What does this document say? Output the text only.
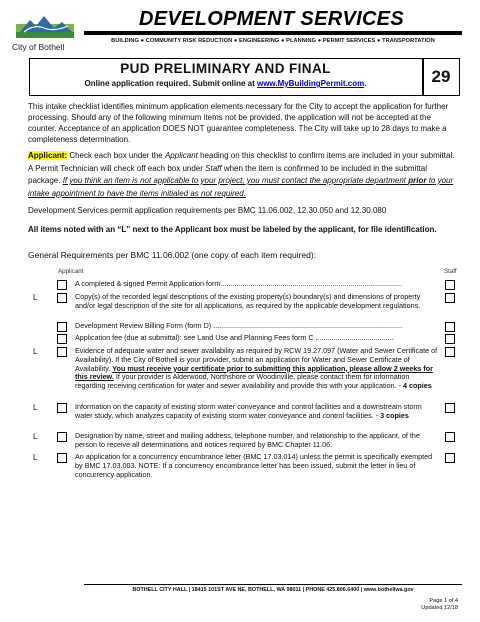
City of Bothell
DEVELOPMENT SERVICES
BUILDING ● COMMUNITY RISK REDUCTION ● ENGINEERING ● PLANNING ● PERMIT SERVICES ● TRANSPORTATION
29
PUD PRELIMINARY AND FINAL
Online application required. Submit online at www.MyBuildingPermit.com.
This intake checklist identifies minimum application elements necessary for the City to accept the application for further processing. Should any of the following minimum items not be provided, the application will not be accepted at the counter. Acceptance of an application DOES NOT guarantee completeness. The City will take up to 28 days to make a completeness determination.
Applicant: Check each box under the Applicant heading on this checklist to confirm items are included in your submittal. A Permit Technician will check off each box under Staff when the item is confirmed to be included in the submittal package. If you think an item is not applicable to your project, you must contact the appropriate department prior to your intake appointment to have the items initialed as not required.
Development Services permit application requirements per BMC 11.06.002, 12.30.050 and 12.30.080
All items noted with an “L” next to the Applicant box must be labeled by the applicant, for file identification.
General Requirements per BMC 11.06.002 (one copy of each item required):
Applicant	Staff
A completed & signed Permit Application form...........................................................................................
L	Copy(s) of the recorded legal descriptions of the existing property(s) boundary(s) and dimensions of property and/or legal description of the site for all applications, as required by the applicable development regulations.
Development Review Billing Form (form D) ...............................................................................................
Application fee (due at submittal): see Land Use and Planning Fees form C .......................................
L	Evidence of adequate water and sewer availability as required by RCW 19.27.097 (Water and Sewer Certificate of Availability). If the City of Bothell is your provider, submit an application for Water and Sewer Certificate of Availability. You must receive your certificate prior to submitting this application, please allow 2 weeks for this review. If your provider is Alderwood, Northshore or Woodinville, please contact them for information regarding receiving certification for water and sewer availability and provide this with your application. - 4 copies
L	Information on the capacity of existing storm water conveyance and control facilities and a downstream storm water study, which analyzes capacity of existing storm water conveyance and control facilities. - 3 copies
L	Designation by name, street and mailing address, telephone number, and relationship to the applicant, of the person to receive all determinations and notices required by BMC Chapter 11.06.
L	An application for a concurrency encumbrance letter (BMC 17.03.014) unless the permit is specifically exempted by BMC 17.03.003. NOTE: If a concurrency encumbrance letter has been issued, submit the letter in lieu of concurrency application.
BOTHELL CITY HALL | 18415 101ST AVE NE, BOTHELL, WA 98011 | PHONE 425.806.6400 | www.bothellwa.gov
Page 1 of 4
Updated 12/18
